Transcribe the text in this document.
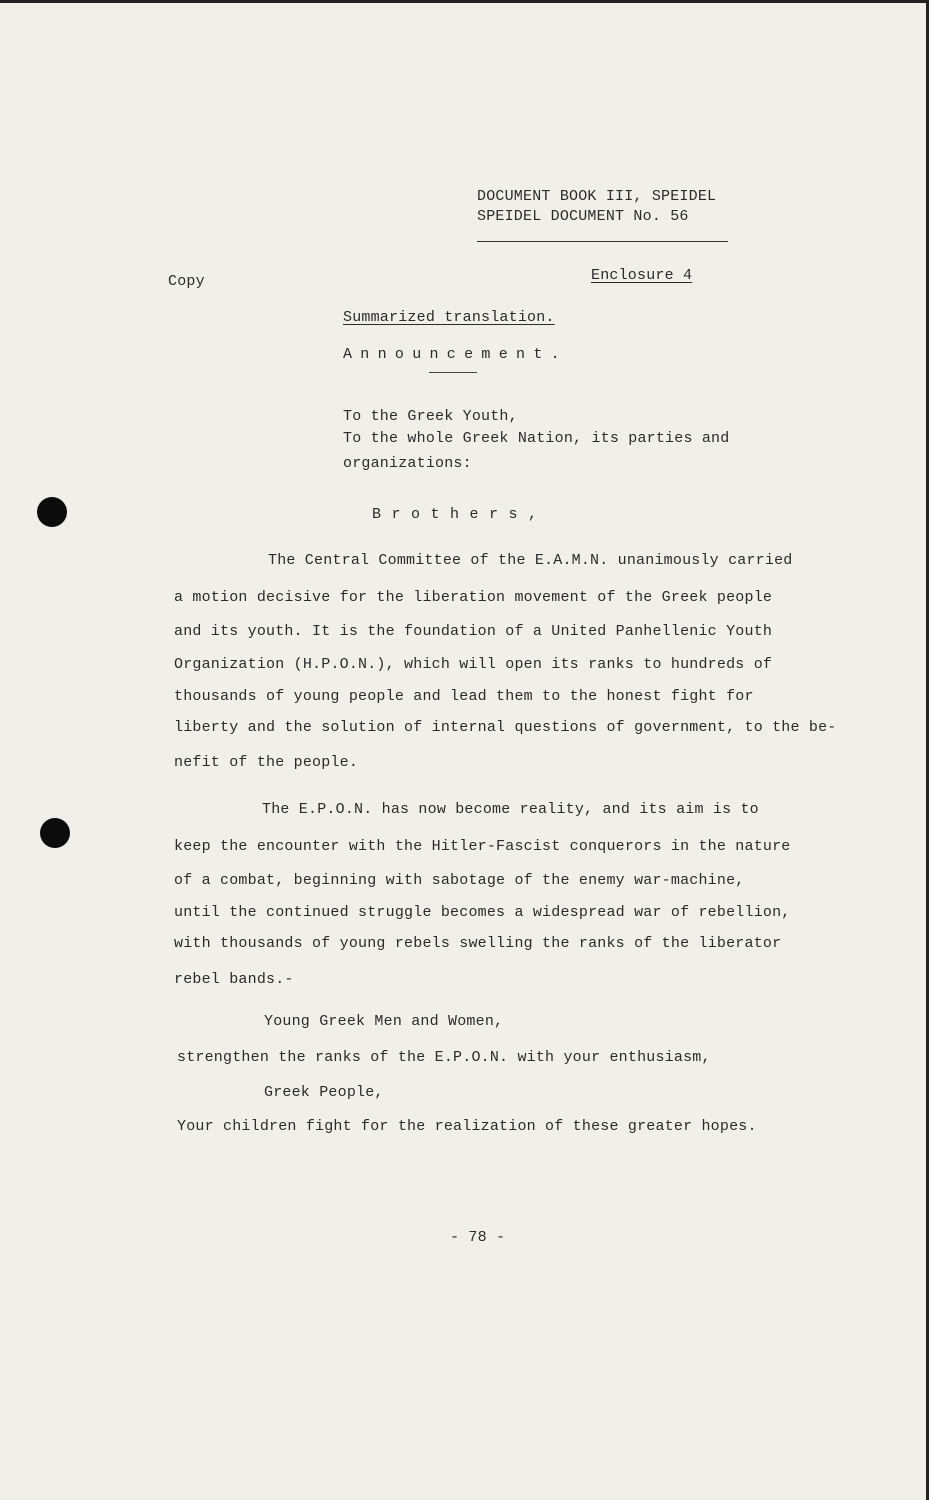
DOCUMENT BOOK III, SPEIDEL
SPEIDEL DOCUMENT No. 56
Copy	Enclosure 4
Summarized translation.
Announcement.
To the Greek Youth,
To the whole Greek Nation, its parties and
organizations:
Brothers,
The Central Committee of the E.A.M.N. unanimously carried
a motion decisive for the liberation movement of the Greek people
and its youth. It is the foundation of a United Panhellenic Youth
Organization (H.P.O.N.), which will open its ranks to hundreds of
thousands of young people and lead them to the honest fight for
liberty and the solution of internal questions of government, to the be-
nefit of the people.
The E.P.O.N. has now become reality, and its aim is to
keep the encounter with the Hitler-Fascist conquerors in the nature
of a combat, beginning with sabotage of the enemy war-machine,
until the continued struggle becomes a widespread war of rebellion,
with thousands of young rebels swelling the ranks of the liberator
rebel bands.-
Young Greek Men and Women,
strengthen the ranks of the E.P.O.N. with your enthusiasm,
Greek People,
Your children fight for the realization of these greater hopes.
- 78 -
